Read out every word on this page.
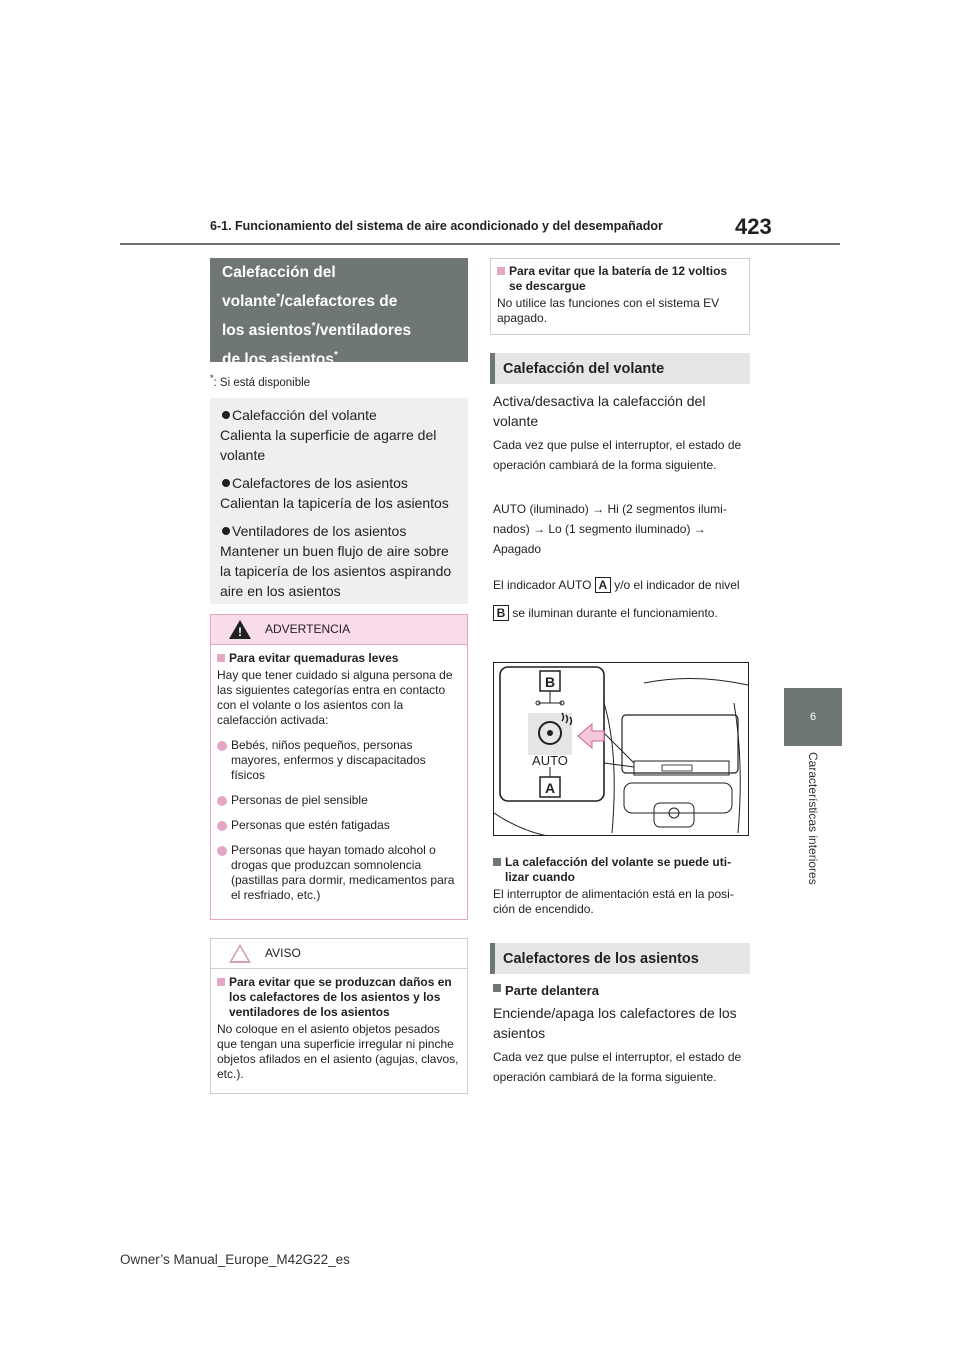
6-1. Funcionamiento del sistema de aire acondicionado y del desempañador	423
6
Características interiores
Calefacción del
volante*/calefactores de
los asientos*/ventiladores
de los asientos*
*: Si está disponible
Calefacción del volante
Calienta la superficie de agarre del volante
Calefactores de los asientos
Calientan la tapicería de los asientos
Ventiladores de los asientos
Mantener un buen flujo de aire sobre la tapicería de los asientos aspirando aire en los asientos
! ADVERTENCIA
Para evitar quemaduras leves
Hay que tener cuidado si alguna persona de las siguientes categorías entra en contacto con el volante o los asientos con la calefacción activada:
Bebés, niños pequeños, personas mayores, enfermos y discapacitados físicos
Personas de piel sensible
Personas que estén fatigadas
Personas que hayan tomado alcohol o drogas que produzcan somnolencia (pastillas para dormir, medicamentos para el resfriado, etc.)
AVISO
Para evitar que se produzcan daños en los calefactores de los asientos y los ventiladores de los asientos
No coloque en el asiento objetos pesados que tengan una superficie irregular ni pinche objetos afilados en el asiento (agujas, clavos, etc.).
Para evitar que la batería de 12 voltios se descargue
No utilice las funciones con el sistema EV apagado.
Calefacción del volante
Activa/desactiva la calefacción del volante
Cada vez que pulse el interruptor, el estado de operación cambiará de la forma siguiente.
AUTO (iluminado) → Hi (2 segmentos iluminados) → Lo (1 segmento iluminado) → Apagado
El indicador AUTO A y/o el indicador de nivel B se iluminan durante el funcionamiento.
B
AUTO
A
La calefacción del volante se puede utilizar cuando
El interruptor de alimentación está en la posición de encendido.
Calefactores de los asientos
Parte delantera
Enciende/apaga los calefactores de los asientos
Cada vez que pulse el interruptor, el estado de operación cambiará de la forma siguiente.
Owner’s Manual_Europe_M42G22_es
